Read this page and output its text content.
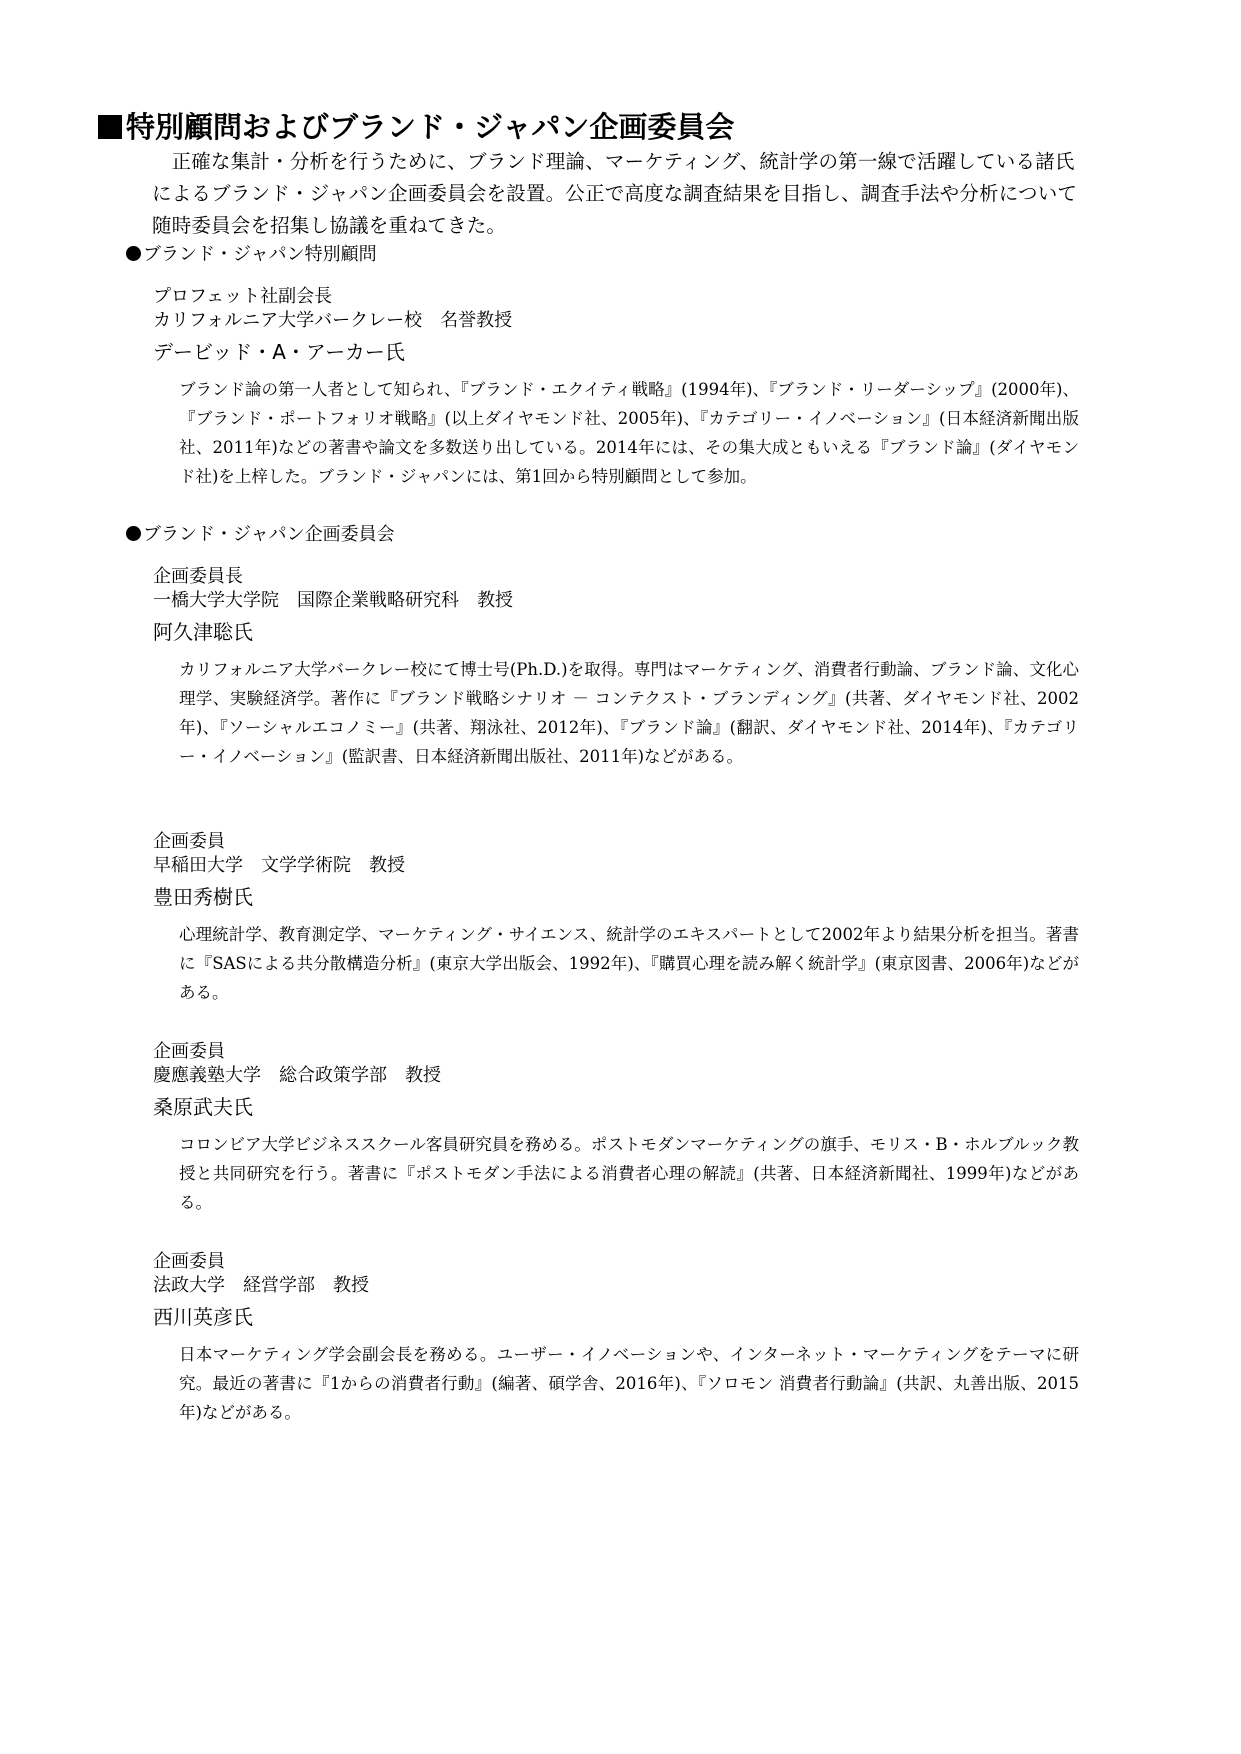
特別顧問およびブランド・ジャパン企画委員会

正確な集計・分析を行うために、ブランド理論、マーケティング、統計学の第一線で活躍している諸氏によるブランド・ジャパン企画委員会を設置。公正で高度な調査結果を目指し、調査手法や分析について随時委員会を招集し協議を重ねてきた。

ブランド・ジャパン特別顧問
プロフェット社副会長
カリフォルニア大学バークレー校　名誉教授
デービッド・A・アーカー氏
ブランド論の第一人者として知られ、『ブランド・エクイティ戦略』(1994年)、『ブランド・リーダーシップ』(2000年)、『ブランド・ポートフォリオ戦略』(以上ダイヤモンド社、2005年)、『カテゴリー・イノベーション』(日本経済新聞出版社、2011年)などの著書や論文を多数送り出している。2014年には、その集大成ともいえる『ブランド論』(ダイヤモンド社)を上梓した。ブランド・ジャパンには、第1回から特別顧問として参加。
ブランド・ジャパン企画委員会
企画委員長
一橋大学大学院　国際企業戦略研究科　教授
阿久津聡氏
カリフォルニア大学バークレー校にて博士号(Ph.D.)を取得。専門はマーケティング、消費者行動論、ブランド論、文化心理学、実験経済学。著作に『ブランド戦略シナリオ － コンテクスト・ブランディング』(共著、ダイヤモンド社、2002年)、『ソーシャルエコノミー』(共著、翔泳社、2012年)、『ブランド論』(翻訳、ダイヤモンド社、2014年)、『カテゴリー・イノベーション』(監訳書、日本経済新聞出版社、2011年)などがある。
企画委員
早稲田大学　文学学術院　教授
豊田秀樹氏
心理統計学、教育測定学、マーケティング・サイエンス、統計学のエキスパートとして2002年より結果分析を担当。著書に『SASによる共分散構造分析』(東京大学出版会、1992年)、『購買心理を読み解く統計学』(東京図書、2006年)などがある。
企画委員
慶應義塾大学　総合政策学部　教授
桑原武夫氏
コロンビア大学ビジネススクール客員研究員を務める。ポストモダンマーケティングの旗手、モリス・B・ホルブルック教授と共同研究を行う。著書に『ポストモダン手法による消費者心理の解読』(共著、日本経済新聞社、1999年)などがある。
企画委員
法政大学　経営学部　教授
西川英彦氏
日本マーケティング学会副会長を務める。ユーザー・イノベーションや、インターネット・マーケティングをテーマに研究。最近の著書に『1からの消費者行動』(編著、碩学舎、2016年)、『ソロモン 消費者行動論』(共訳、丸善出版、2015年)などがある。
